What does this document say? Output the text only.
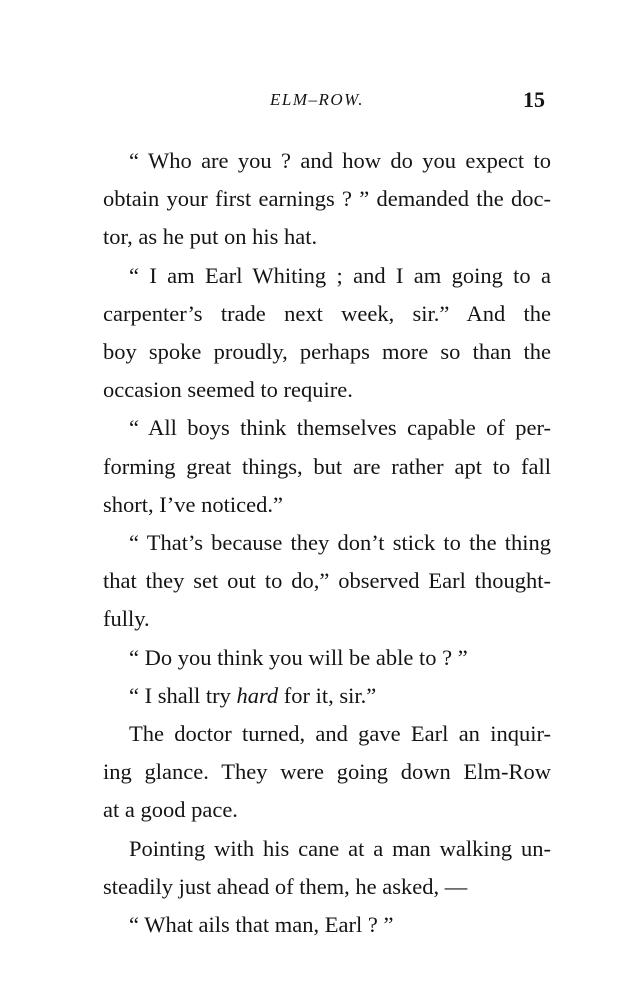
ELM–ROW.	15

“ Who are you ? and how do you expect to
obtain your first earnings ? ” demanded the doc-
tor, as he put on his hat.

“ I am Earl Whiting ; and I am going to a
carpenter’s trade next week, sir.” And the
boy spoke proudly, perhaps more so than the
occasion seemed to require.

“ All boys think themselves capable of per-
forming great things, but are rather apt to fall
short, I’ve noticed.”

“ That’s because they don’t stick to the thing
that they set out to do,” observed Earl thought-
fully.

“ Do you think you will be able to ? ”

“ I shall try hard for it, sir.”

The doctor turned, and gave Earl an inquir-
ing glance. They were going down Elm-Row
at a good pace.

Pointing with his cane at a man walking un-
steadily just ahead of them, he asked, —

“ What ails that man, Earl ? ”
